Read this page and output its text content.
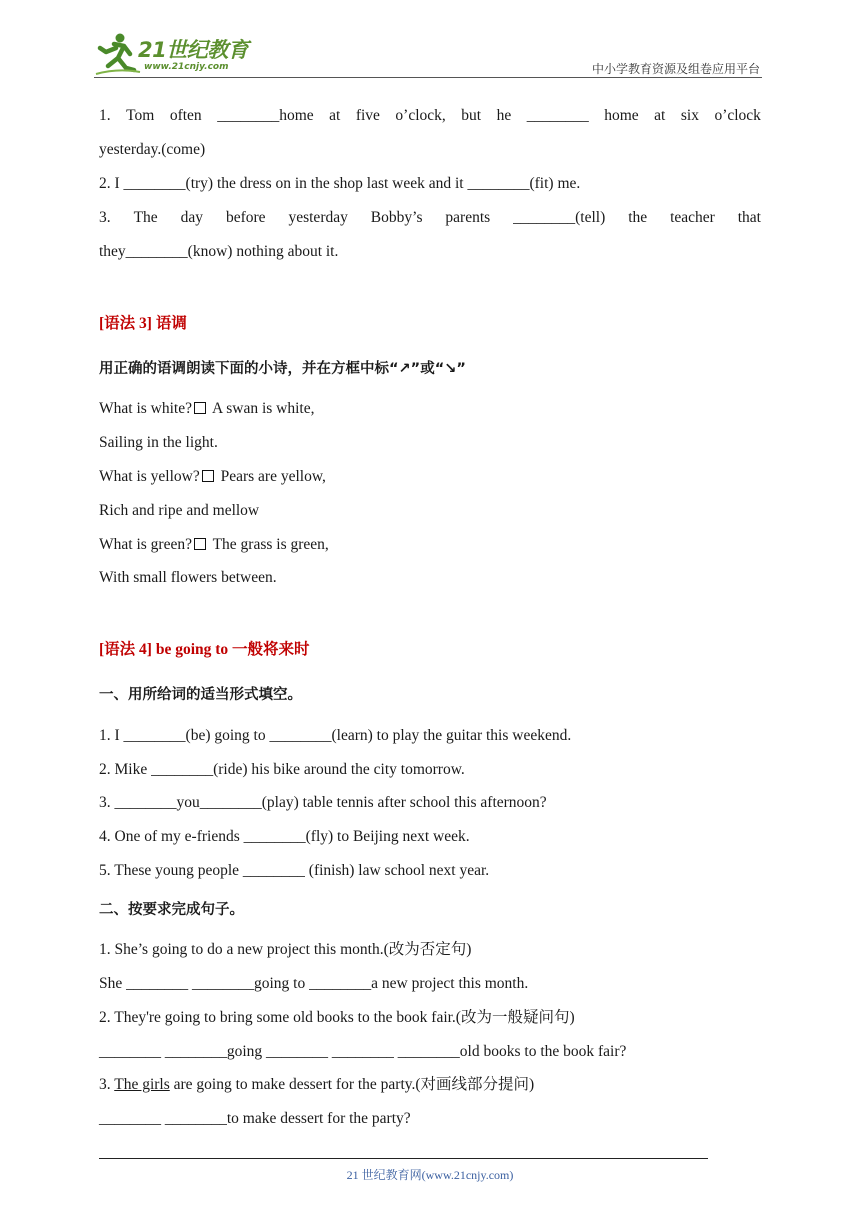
21世纪教育
www.21cnjy.com	中小学教育资源及组卷应用平台
1. Tom often ________home at five o’clock, but he ________ home at six o’clock
yesterday.(come)
2. I ________(try) the dress on in the shop last week and it ________(fit) me.
3. The day before yesterday Bobby’s parents ________(tell) the teacher that
they________(know) nothing about it.
[语法 3] 语调
用正确的语调朗读下面的小诗，并在方框中标“↗”或“↘”
What is white? A swan is white,
Sailing in the light.
What is yellow? Pears are yellow,
Rich and ripe and mellow
What is green? The grass is green,
With small flowers between.
[语法 4] be going to 一般将来时
一、用所给词的适当形式填空。
1. I ________(be) going to ________(learn) to play the guitar this weekend.
2. Mike ________(ride) his bike around the city tomorrow.
3. ________you________(play) table tennis after school this afternoon?
4. One of my e-friends ________(fly) to Beijing next week.
5. These young people ________ (finish) law school next year.
二、按要求完成句子。
1. She’s going to do a new project this month.(改为否定句)
She ________ ________going to ________a new project this month.
2. They're going to bring some old books to the book fair.(改为一般疑问句)
________ ________going ________ ________ ________old books to the book fair?
3. The girls are going to make dessert for the party.(对画线部分提问)
________ ________to make dessert for the party?
21 世纪教育网(www.21cnjy.com)
